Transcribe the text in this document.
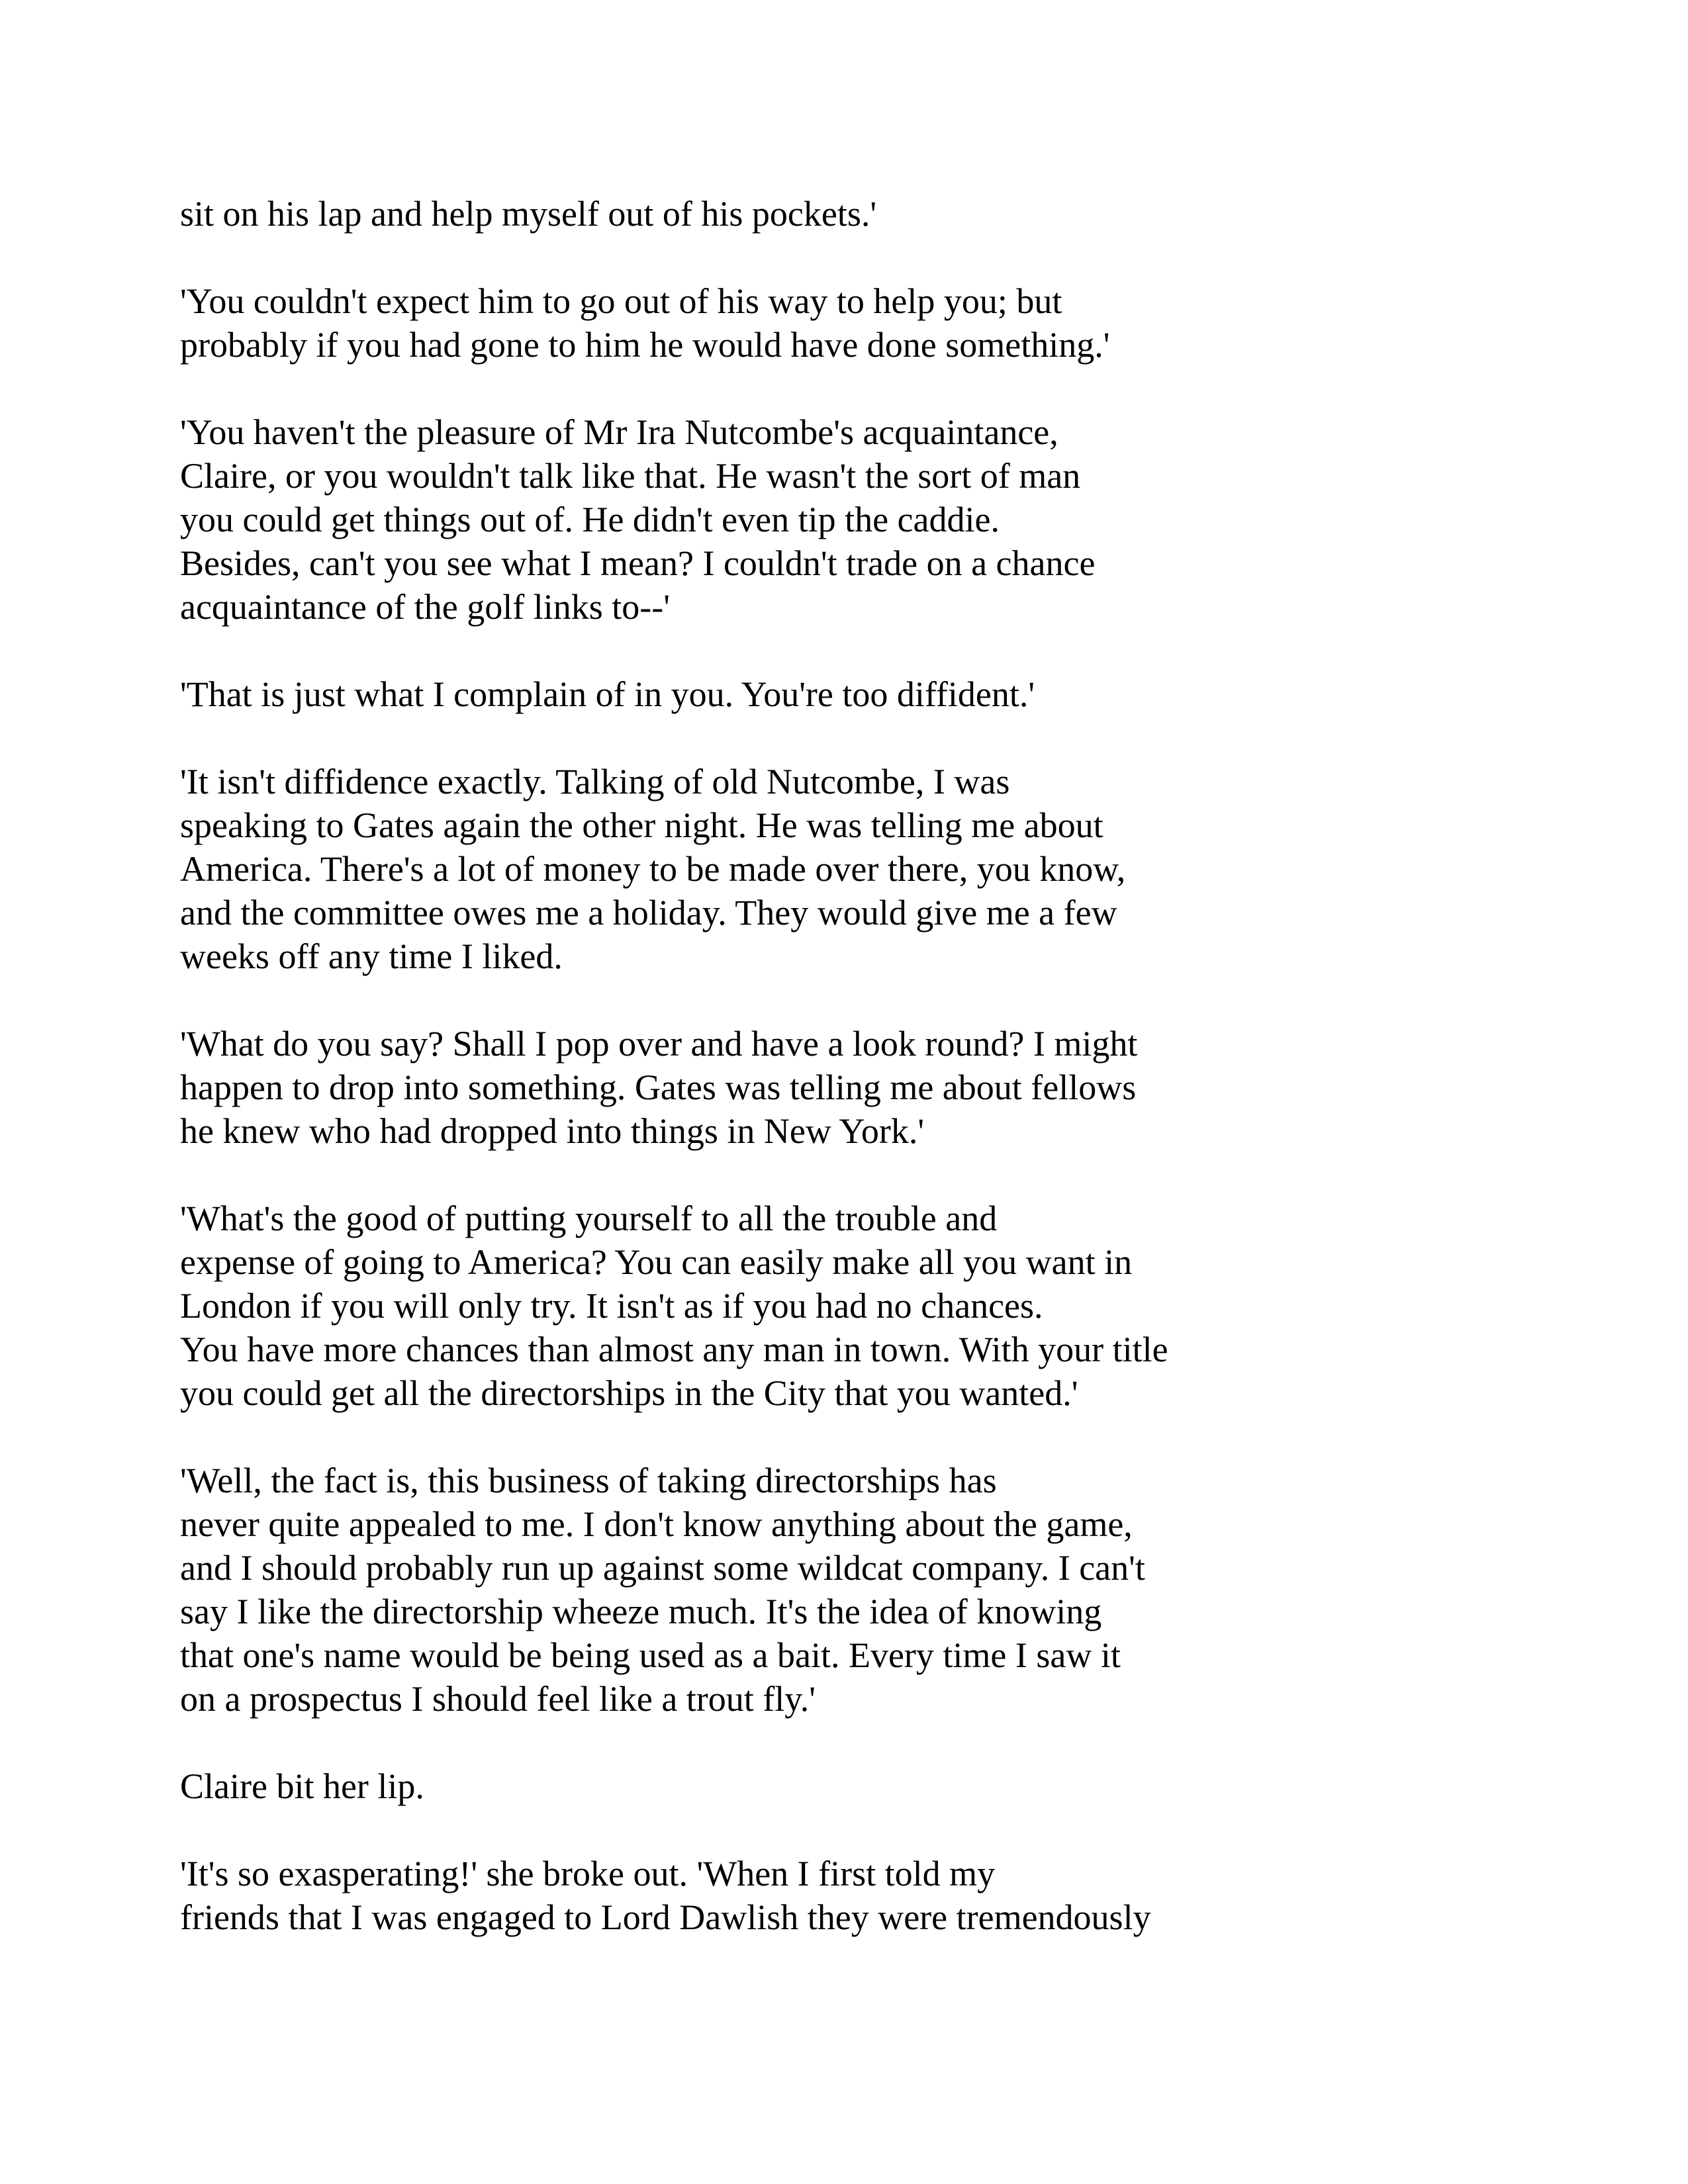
sit on his lap and help myself out of his pockets.'

'You couldn't expect him to go out of his way to help you; but
probably if you had gone to him he would have done something.'

'You haven't the pleasure of Mr Ira Nutcombe's acquaintance,
Claire, or you wouldn't talk like that. He wasn't the sort of man
you could get things out of. He didn't even tip the caddie.
Besides, can't you see what I mean? I couldn't trade on a chance
acquaintance of the golf links to--'

'That is just what I complain of in you. You're too diffident.'

'It isn't diffidence exactly. Talking of old Nutcombe, I was
speaking to Gates again the other night. He was telling me about
America. There's a lot of money to be made over there, you know,
and the committee owes me a holiday. They would give me a few
weeks off any time I liked.

'What do you say? Shall I pop over and have a look round? I might
happen to drop into something. Gates was telling me about fellows
he knew who had dropped into things in New York.'

'What's the good of putting yourself to all the trouble and
expense of going to America? You can easily make all you want in
London if you will only try. It isn't as if you had no chances.
You have more chances than almost any man in town. With your title
you could get all the directorships in the City that you wanted.'

'Well, the fact is, this business of taking directorships has
never quite appealed to me. I don't know anything about the game,
and I should probably run up against some wildcat company. I can't
say I like the directorship wheeze much. It's the idea of knowing
that one's name would be being used as a bait. Every time I saw it
on a prospectus I should feel like a trout fly.'

Claire bit her lip.

'It's so exasperating!' she broke out. 'When I first told my
friends that I was engaged to Lord Dawlish they were tremendously
